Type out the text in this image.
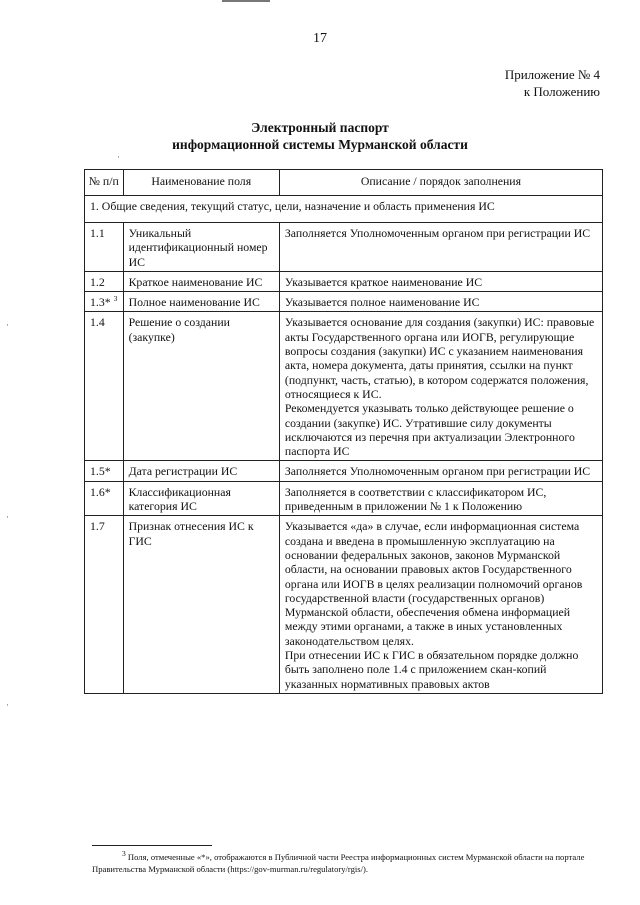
17
Приложение № 4
к Положению
Электронный паспорт
информационной системы Мурманской области
·
·
·
·
№ п/п	Наименование поля	Описание / порядок заполнения
1. Общие сведения, текущий статус, цели, назначение и область применения ИС		
1.1	Уникальный идентификационный номер ИС	Заполняется Уполномоченным органом при регистрации ИС
1.2	Краткое наименование ИС	Указывается краткое наименование ИС
1.3* $^3$	Полное наименование ИС	Указывается полное наименование ИС
1.4	Решение о создании (закупке)	Указывается основание для создания (закупки) ИС: правовые акты Государственного органа или ИОГВ, регулирующие вопросы создания (закупки) ИС с указанием наименования акта, номера документа, даты принятия, ссылки на пункт (подпункт, часть, статью), в котором содержатся положения, относящиеся к ИС.
Рекомендуется указывать только действующее решение о создании (закупке) ИС. Утратившие силу документы исключаются из перечня при актуализации Электронного паспорта ИС

1.5*	Дата регистрации ИС	Заполняется Уполномоченным органом при регистрации ИС
1.6*	Классификационная категория ИС	Заполняется в соответствии с классификатором ИС, приведенным в приложении № 1 к Положению
1.7	Признак отнесения ИС к ГИС	Указывается «да» в случае, если информационная система создана и введена в промышленную эксплуатацию на основании федеральных законов, законов Мурманской области, на основании правовых актов Государственного органа или ИОГВ в целях реализации полномочий органов государственной власти (государственных органов) Мурманской области, обеспечения обмена информацией между этими органами, а также в иных установленных законодательством целях.
При отнесении ИС к ГИС в обязательном порядке должно быть заполнено поле 1.4 с приложением скан-копий указанных нормативных правовых актов
$^3$ Поля, отмеченные «*», отображаются в Публичной части Реестра информационных систем Мурманской области на портале Правительства Мурманской области (https://gov-murman.ru/regulatory/rgis/).
